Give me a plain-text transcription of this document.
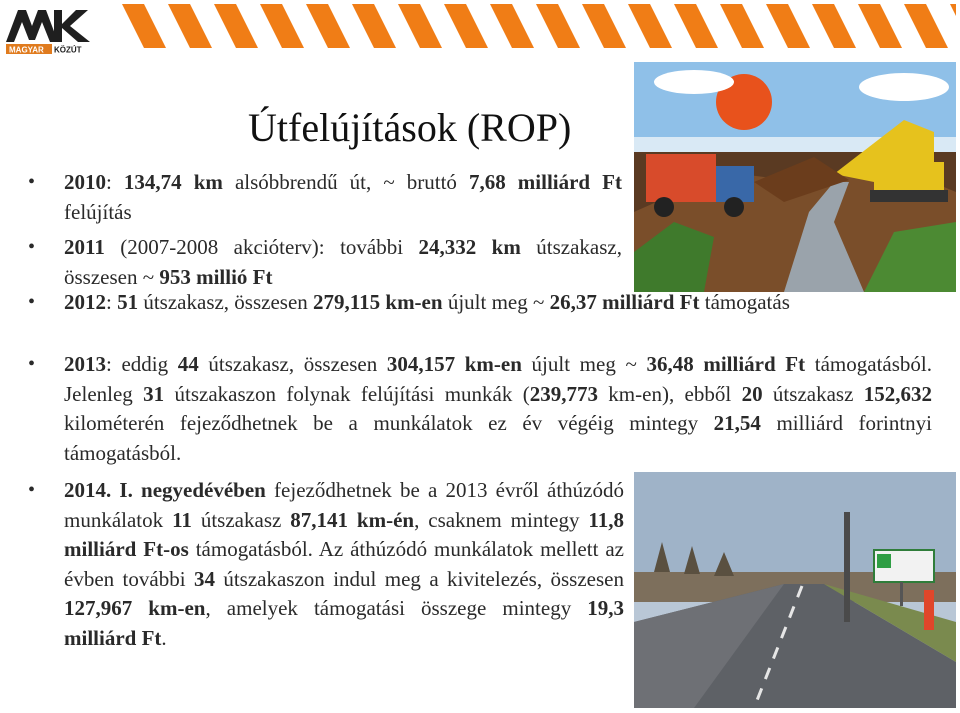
MAGYAR KÖZÚT
Útfelújítások (ROP)
• 2010: 134,74 km alsóbbrendű út, ~ bruttó 7,68 milliárd Ft felújítás
• 2011 (2007-2008 akcióterv): további 24,332 km útszakasz, összesen ~ 953 millió Ft
• 2012: 51 útszakasz, összesen 279,115 km-en újult meg ~ 26,37 milliárd Ft támogatás
• 2013: eddig 44 útszakasz, összesen 304,157 km-en újult meg ~ 36,48 milliárd Ft támogatásból. Jelenleg 31 útszakaszon folynak felújítási munkák (239,773 km-en), ebből 20 útszakasz 152,632 kilométerén fejeződhetnek be a munkálatok ez év végéig mintegy 21,54 milliárd forintnyi támogatásból.
• 2014. I. negyedévében fejeződhetnek be a 2013 évről áthúzódó munkálatok 11 útszakasz 87,141 km-én, csaknem mintegy 11,8 milliárd Ft-os támogatásból. Az áthúzódó munkálatok mellett az évben további 34 útszakaszon indul meg a kivitelezés, összesen 127,967 km-en, amelyek támogatási összege mintegy 19,3 milliárd Ft.
